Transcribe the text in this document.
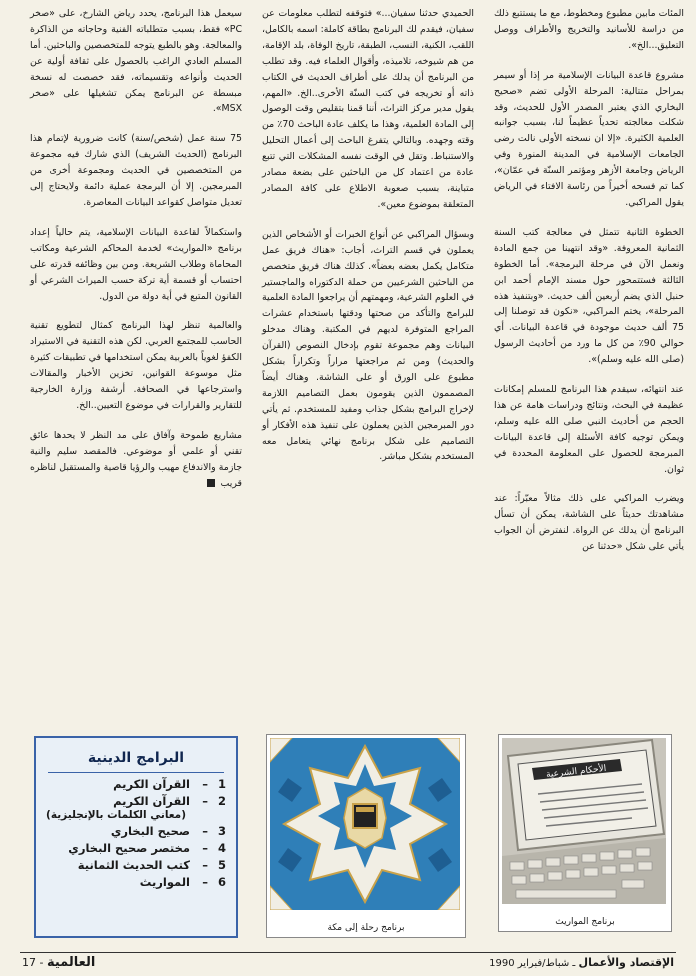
المئات مابين مطبوع ومخطوط، مع ما يستتبع ذلك من دراسة للأسانيد والتخريج والأطراف ووصل التعليق...الخ».

مشروع قاعدة البيانات الإسلامية مر إذا أو سيمر بمراحل متتالية: المرحلة الأولى تضم «صحيح البخاري الذي يعتبر المصدر الأول للحديث، وقد شكلت معالجته تحدياً عظيماً لنا، بسبب جوانبه العلمية الكثيرة. «إلا ان نسخته الأولى نالت رضى الجامعات الإسلامية في المدينة المنورة وفي الرياض وجامعة الأزهر ومؤتمر السنّة في عمّان»، كما تم فسحه أخيراً من رئاسة الافتاء في الرياض يقول المراكبي.

الخطوة الثانية تتمثل في معالجة كتب السنة الثمانية المعروفة. «وقد انتهينا من جمع المادة ونعمل الآن في مرحلة البرمجة». أما الخطوة الثالثة فستتمحور حول مسند الإمام أحمد ابن حنبل الذي يضم أربعين ألف حديث. «وبتنفيذ هذه المرحلة»، يختم المراكبي، «نكون قد توصلنا إلى 75 ألف حديث موجودة في قاعدة البيانات. أي حوالي 90٪ من كل ما ورد من أحاديث الرسول (صلى الله عليه وسلم)».

عند انتهائه، سيقدم هذا البرنامج للمسلم إمكانات عظيمة في البحث، ونتائج ودراسات هامة عن هذا الحجم من أحاديث النبي صلى الله عليه وسلم، ويمكن توجيه كافة الأسئلة إلى قاعدة البيانات المبرمجة للحصول على المعلومة المحددة في ثوان.

ويضرب المراكبي على ذلك مثالاً معبّراً: عند مشاهدتك حديثاً على الشاشة، يمكن أن تسأل البرنامج أن يدلك عن الرواة. لنفترض أن الجواب يأتي على شكل «حدثنا عن

الحميدي حدثنا سفيان...» فتوقفه لتطلب معلومات عن سفيان، فيقدم لك البرنامج بطاقة كاملة: اسمه بالكامل، اللقب، الكنية، النسب، الطبقة، تاريخ الوفاة، بلد الإقامة، من هم شيوخه، تلاميذه، وأقوال العلماء فيه. وقد تطلب من البرنامج أن يدلك على أطراف الحديث في الكتاب ذاته أو تخريجه في كتب السنّة الأخرى..الخ. «المهم، يقول مدير مركز التراث، أننا قمنا بتقليص وقت الوصول إلى المادة العلمية، وهذا ما يكلف عادة الباحث 70٪ من وقته وجهده. وبالتالي يتفرغ الباحث إلى أعمال التحليل والاستنباط. وتقل في الوقت نفسه المشكلات التي تتبع عادة من اعتماد كل من الباحثين على بضعة مصادر متباينة، بسبب صعوبة الاطلاع على كافة المصادر المتعلقة بموضوع معين».

وبسؤال المراكبي عن أنواع الخبرات أو الأشخاص الذين يعملون في قسم التراث، أجاب: «هناك فريق عمل متكامل يكمل بعضه بعضاً». كذلك هناك فريق متخصص من الباحثين الشرعيين من حملة الدكتوراه والماجستير في العلوم الشرعية، ومهمتهم أن يراجعوا المادة العلمية للبرامج والتأكد من صحتها ودقتها باستخدام عشرات المراجع المتوفرة لديهم في المكتبة. وهناك مدخلو البيانات وهم مجموعة تقوم بإدخال النصوص (القرآن والحديث) ومن ثم مراجعتها مراراً وتكراراً بشكل مطبوع على الورق أو على الشاشة. وهناك أيضاً المصممون الذين يقومون بعمل التصاميم اللازمة لإخراج البرامج بشكل جذاب ومفيد للمستخدم. ثم يأتي دور المبرمجين الذين يعملون على تنفيذ هذه الأفكار أو التصاميم على شكل برنامج نهائي يتعامل معه المستخدم بشكل مباشر.

سيعمل هذا البرنامج، يحدد رياض الشارخ، على «صخر PC» فقط، بسبب متطلباته الفنية وحاجاته من الذاكرة والمعالجة. وهو بالطبع يتوجه للمتخصصين والباحثين. أما المسلم العادي الراغب بالحصول على ثقافة أولية عن الحديث وأنواعه وتقسيماته، فقد خصصت له نسخة مبسطة عن البرنامج يمكن تشغيلها على «صخر MSX».

75 سنة عمل (شخص/سنة) كانت ضرورية لإتمام هذا البرنامج (الحديث الشريف) الذي شارك فيه مجموعة من المتخصصين في الحديث ومجموعة أخرى من المبرمجين. إلا أن البرمجة عملية دائمة ولايحتاج إلى تعديل متواصل كقواعد البيانات المعاصرة.

واستكمالاً لقاعدة البيانات الإسلامية، يتم حالياً إعداد برنامج «المواريث» لخدمة المحاكم الشرعية ومكاتب المحاماة وطلاب الشريعة. ومن بين وظائفه قدرته على احتساب أو قسمة أية تركة حسب الميراث الشرعي أو القانون المتبع في أية دولة من الدول.

والعالمية تنظر لهذا البرنامج كمثال لتطويع تقنية الحاسب للمجتمع العربي. لكن هذه التقنية في الاستيراد الكفؤ لغوياً بالعربية يمكن استخدامها في تطبيقات كثيرة مثل موسوعة القوانين، تخزين الأخبار والمقالات واسترجاعها في الصحافة. أرشفة وزارة الخارجية للتقارير والقرارات في موضوع التعيين..الخ.

مشاريع طموحة وآفاق على مد النظر لا يحدها عائق تقني أو علمي أو موضوعي. فالمقصد سليم والنية جازمة والاندفاع مهيب والرؤيا قاصية والمستقبل لناظره قريب

الأحكام الشرعية
برنامج المواريث
برنامج رحلة إلى مكة
البرامج الدينية
1
–
القرآن الكريم
2
–
القرآن الكريم
(معاني الكلمات بالإنجليزية)
3
–
صحيح البخاري
4
–
مختصر صحيح البخاري
5
–
كتب الحديث الثمانية
6
–
المواريث
الإقتصاد والأعمال ـ شباط/فبراير 1990
العالمية - 17
